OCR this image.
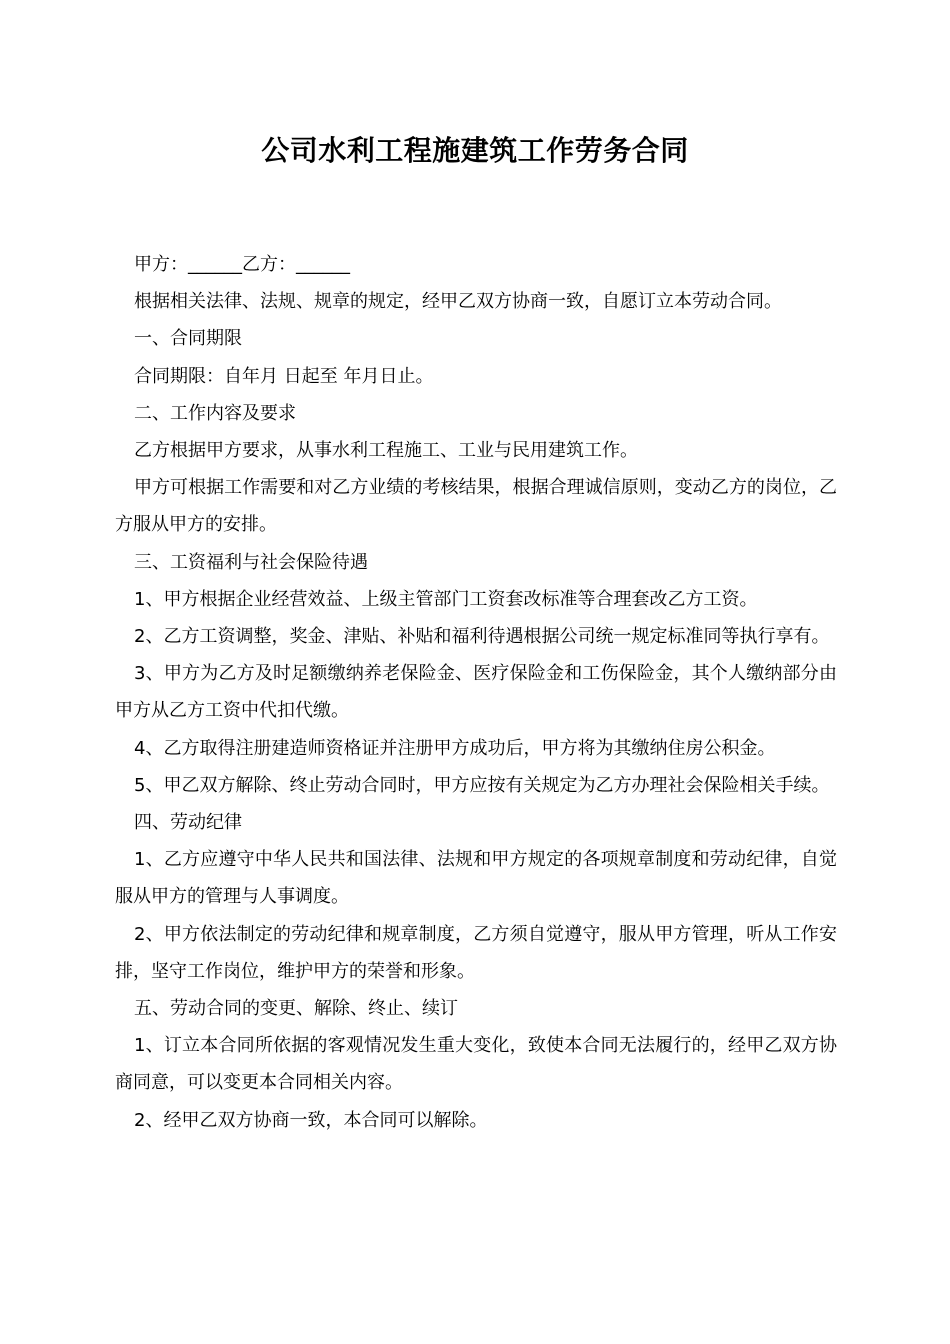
公司水利工程施建筑工作劳务合同

甲方：______乙方：______

根据相关法律、法规、规章的规定，经甲乙双方协商一致，自愿订立本劳动合同。

一、合同期限

合同期限：自年月 日起至 年月日止。

二、工作内容及要求

乙方根据甲方要求，从事水利工程施工、工业与民用建筑工作。

甲方可根据工作需要和对乙方业绩的考核结果，根据合理诚信原则，变动乙方的岗位，乙方服从甲方的安排。

三、工资福利与社会保险待遇

1、甲方根据企业经营效益、上级主管部门工资套改标准等合理套改乙方工资。

2、乙方工资调整，奖金、津贴、补贴和福利待遇根据公司统一规定标准同等执行享有。

3、甲方为乙方及时足额缴纳养老保险金、医疗保险金和工伤保险金，其个人缴纳部分由甲方从乙方工资中代扣代缴。

4、乙方取得注册建造师资格证并注册甲方成功后，甲方将为其缴纳住房公积金。

5、甲乙双方解除、终止劳动合同时，甲方应按有关规定为乙方办理社会保险相关手续。

四、劳动纪律

1、乙方应遵守中华人民共和国法律、法规和甲方规定的各项规章制度和劳动纪律，自觉服从甲方的管理与人事调度。

2、甲方依法制定的劳动纪律和规章制度，乙方须自觉遵守，服从甲方管理，听从工作安排，坚守工作岗位，维护甲方的荣誉和形象。

五、劳动合同的变更、解除、终止、续订

1、订立本合同所依据的客观情况发生重大变化，致使本合同无法履行的，经甲乙双方协商同意，可以变更本合同相关内容。

2、经甲乙双方协商一致，本合同可以解除。
